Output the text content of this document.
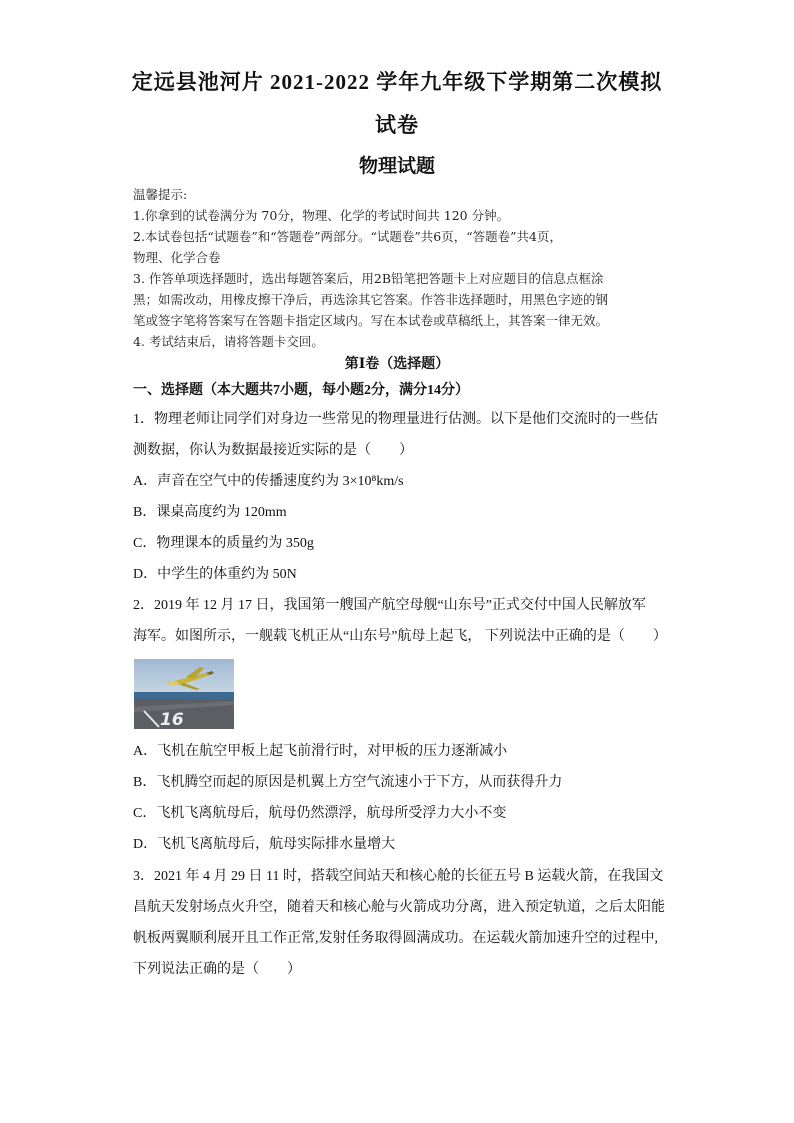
定远县池河片 2021-2022 学年九年级下学期第二次模拟
试卷
物理试题
温馨提示:
1.你拿到的试卷满分为 70分，物理、化学的考试时间共 120 分钟。
2.本试卷包括“试题卷”和“答题卷”两部分。“试题卷”共6页，“答题卷”共4页，
物理、化学合卷
3. 作答单项选择题时，选出每题答案后，用2B铅笔把答题卡上对应题目的信息点框涂
黑；如需改动，用橡皮擦干净后，再选涂其它答案。作答非选择题时，用黑色字迹的钢
笔或签字笔将答案写在答题卡指定区域内。写在本试卷或草稿纸上，其答案一律无效。
4. 考试结束后，请将答题卡交回。
第Ⅰ卷（选择题）
一、选择题（本大题共7小题，每小题2分，满分14分）
1．物理老师让同学们对身边一些常见的物理量进行估测。以下是他们交流时的一些估
测数据，你认为数据最接近实际的是（　　）
A．声音在空气中的传播速度约为 3×10⁸km/s
B．课桌高度约为 120mm
C．物理课本的质量约为 350g
D．中学生的体重约为 50N
2．2019 年 12 月 17 日，我国第一艘国产航空母舰“山东号”正式交付中国人民解放军
海军。如图所示，一舰载飞机正从“山东号”航母上起飞， 下列说法中正确的是（　　）
16
A．飞机在航空甲板上起飞前滑行时，对甲板的压力逐渐减小
B．飞机腾空而起的原因是机翼上方空气流速小于下方，从而获得升力
C．飞机飞离航母后，航母仍然漂浮，航母所受浮力大小不变
D．飞机飞离航母后，航母实际排水量增大
3．2021 年 4 月 29 日 11 时，搭载空间站天和核心舱的长征五号 B 运载火箭，在我国文
昌航天发射场点火升空，随着天和核心舱与火箭成功分离，进入预定轨道，之后太阳能
帆板两翼顺利展开且工作正常,发射任务取得圆满成功。在运载火箭加速升空的过程中,
下列说法正确的是（　　）
